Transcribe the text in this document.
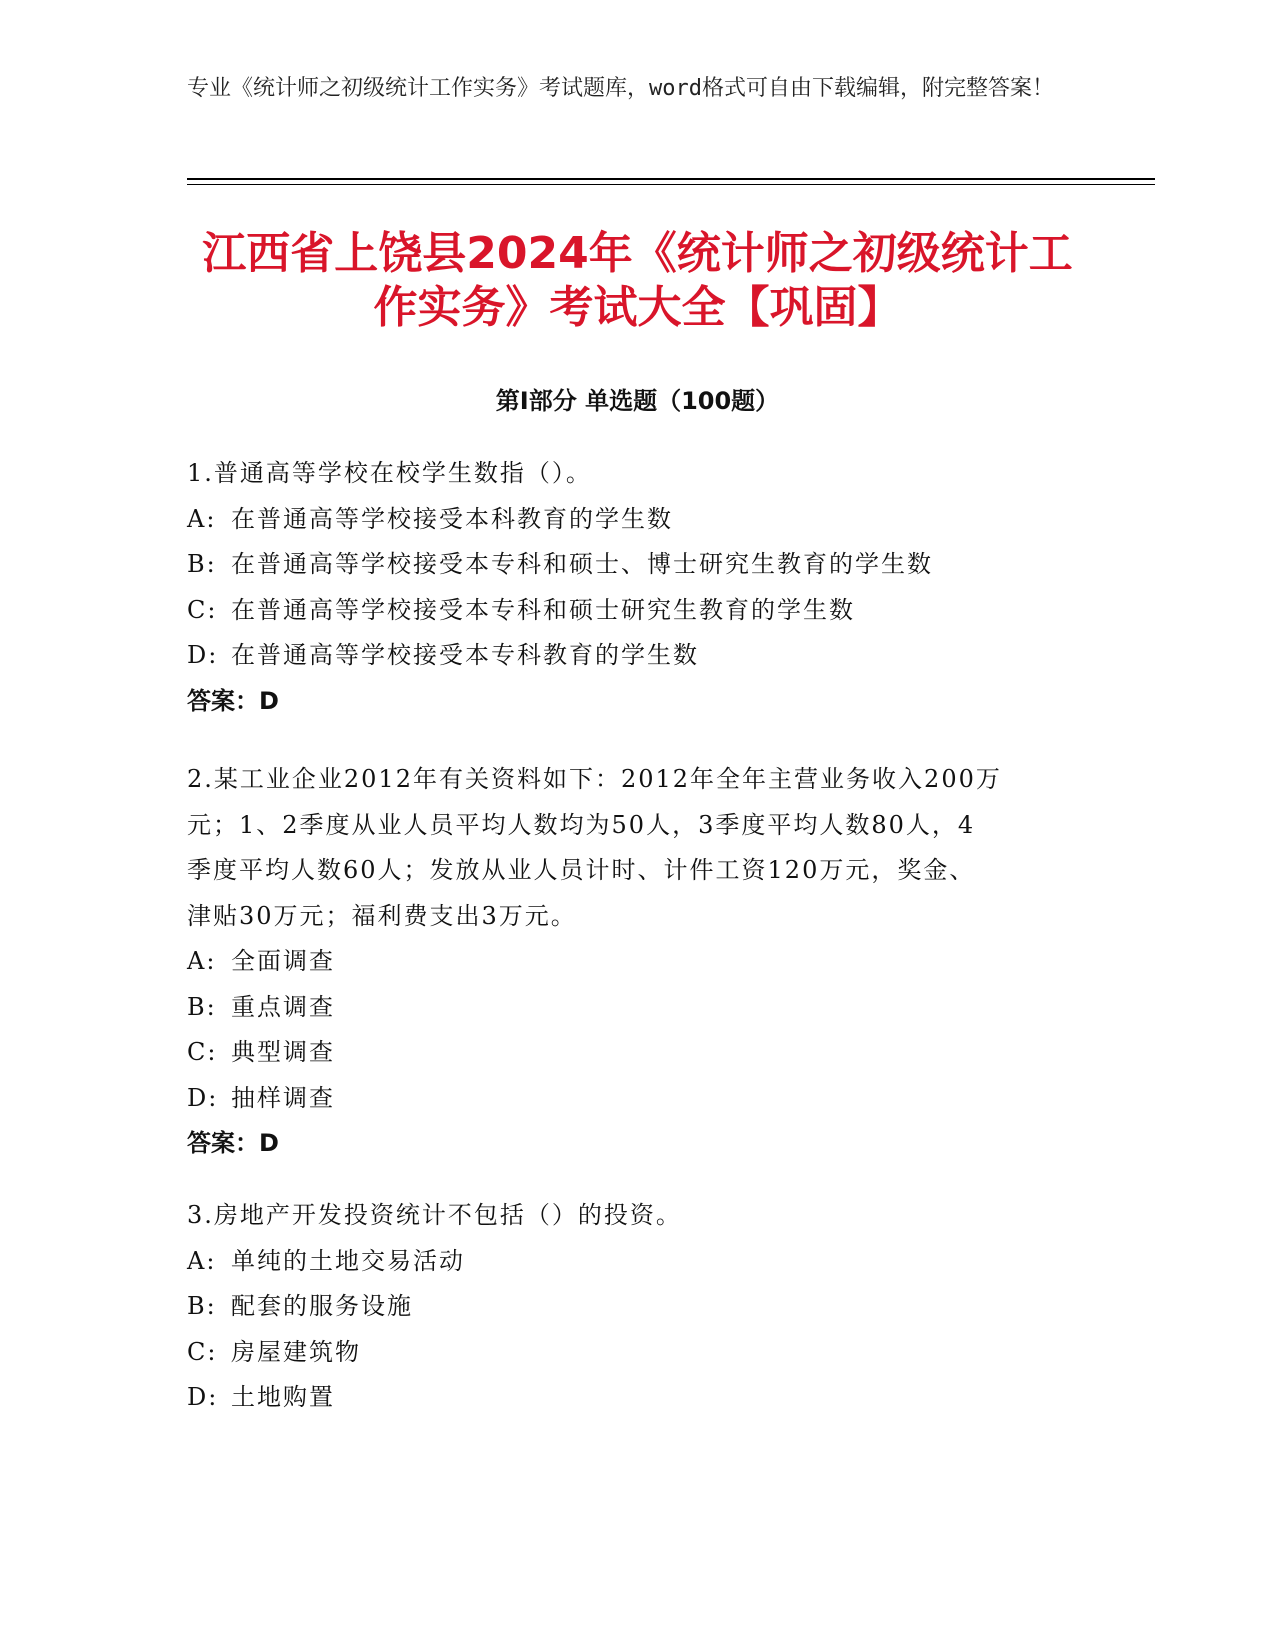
专业《统计师之初级统计工作实务》考试题库，word格式可自由下载编辑，附完整答案！
江西省上饶县2024年《统计师之初级统计工
作实务》考试大全【巩固】
第Ⅰ部分 单选题（100题）
1.普通高等学校在校学生数指（）。
A: 在普通高等学校接受本科教育的学生数
B: 在普通高等学校接受本专科和硕士、博士研究生教育的学生数
C: 在普通高等学校接受本专科和硕士研究生教育的学生数
D: 在普通高等学校接受本专科教育的学生数
答案：D
2.某工业企业2012年有关资料如下：2012年全年主营业务收入200万
元；1、2季度从业人员平均人数均为50人，3季度平均人数80人，4
季度平均人数60人；发放从业人员计时、计件工资120万元，奖金、
津贴30万元；福利费支出3万元。
A: 全面调查
B: 重点调查
C: 典型调查
D: 抽样调查
答案：D
3.房地产开发投资统计不包括（）的投资。
A: 单纯的土地交易活动
B: 配套的服务设施
C: 房屋建筑物
D: 土地购置
